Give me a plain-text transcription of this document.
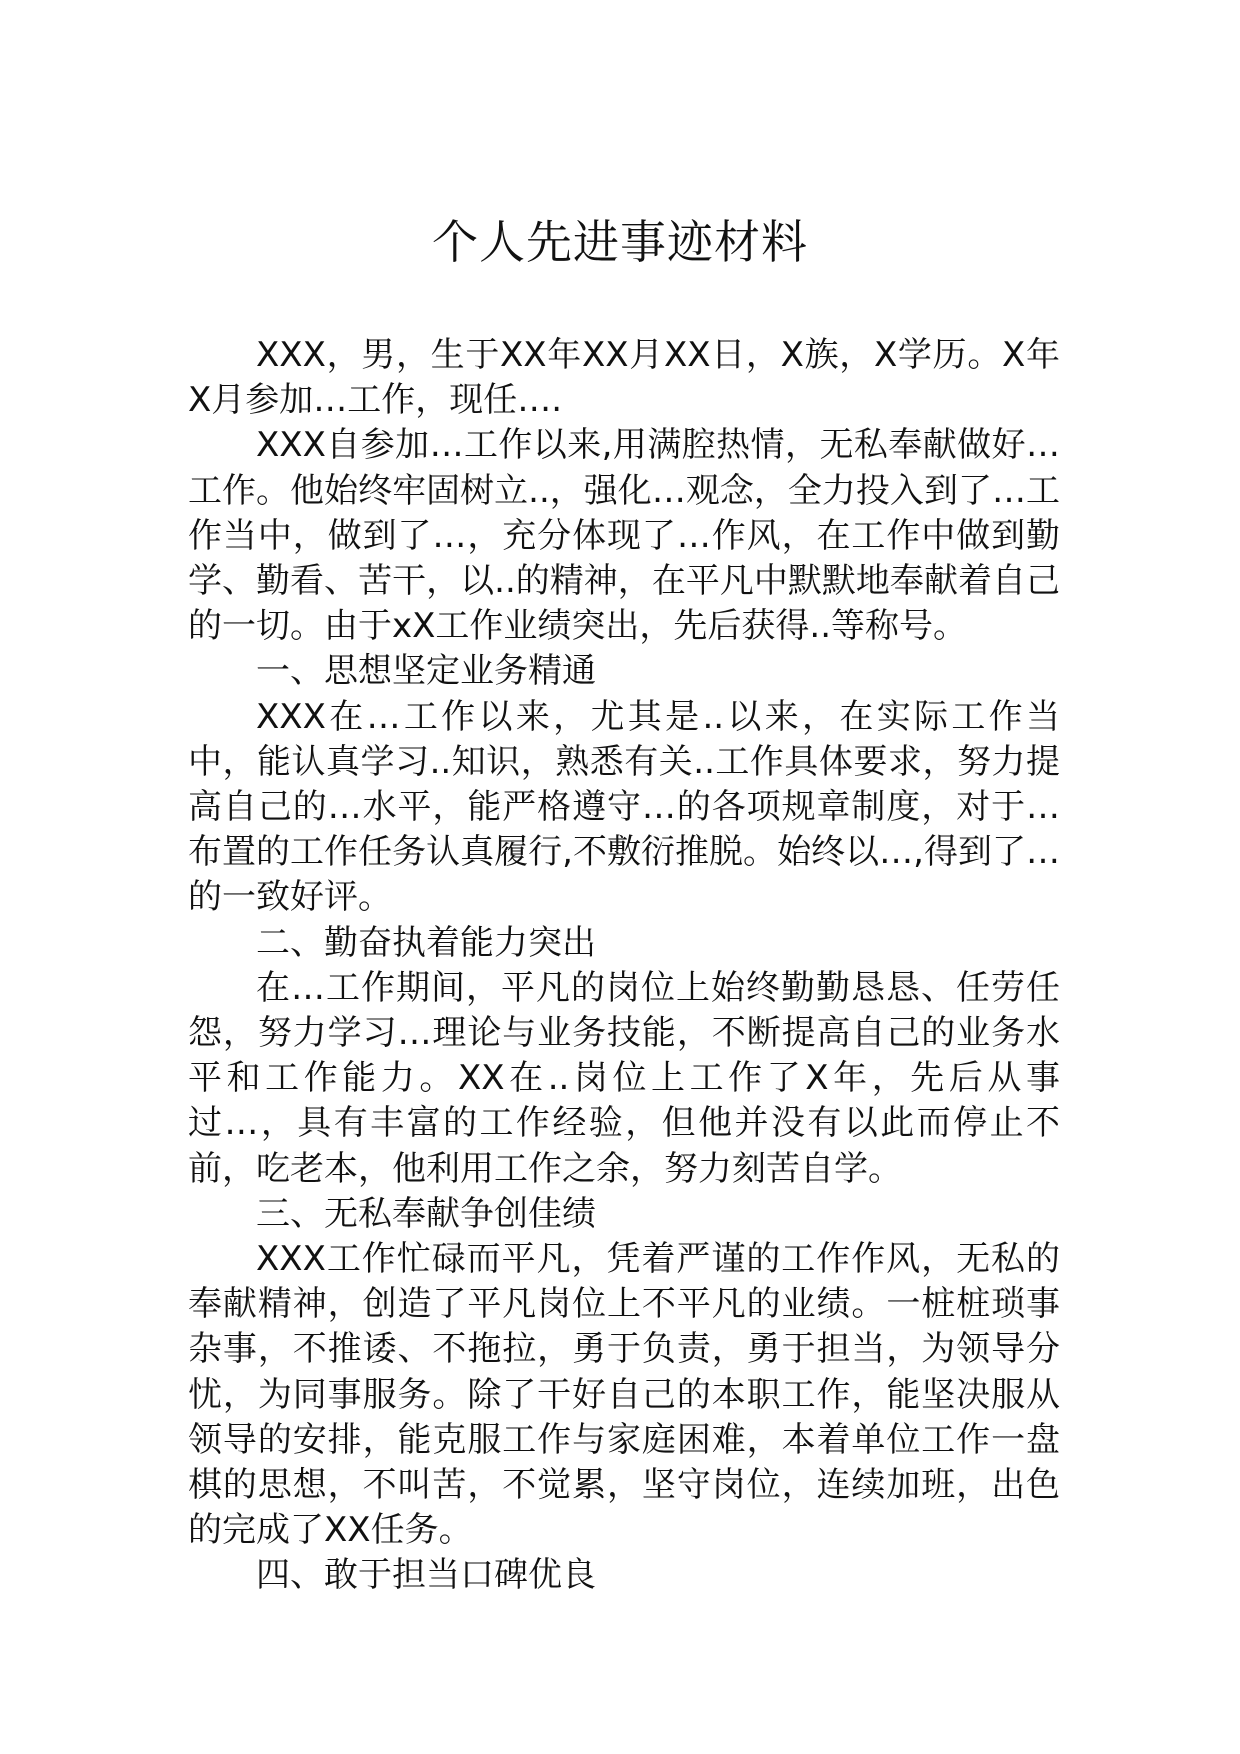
个人先进事迹材料

XXX，男，生于XX年XX月XX日，X族，X学历。X年X月参加…工作，现任….

XXX自参加…工作以来,用满腔热情，无私奉献做好…工作。他始终牢固树立..，强化…观念，全力投入到了…工作当中，做到了…，充分体现了…作风，在工作中做到勤学、勤看、苦干，以..的精神，在平凡中默默地奉献着自己的一切。由于xX工作业绩突出，先后获得..等称号。

一、思想坚定业务精通

XXX在…工作以来，尤其是..以来，在实际工作当中，能认真学习..知识，熟悉有关..工作具体要求，努力提高自己的…水平，能严格遵守…的各项规章制度，对于…布置的工作任务认真履行,不敷衍推脱。始终以…,得到了…的一致好评。

二、勤奋执着能力突出

在…工作期间，平凡的岗位上始终勤勤恳恳、任劳任怨，努力学习…理论与业务技能，不断提高自己的业务水平和工作能力。XX在..岗位上工作了X年，先后从事过…，具有丰富的工作经验，但他并没有以此而停止不前，吃老本，他利用工作之余，努力刻苦自学。

三、无私奉献争创佳绩

XXX工作忙碌而平凡，凭着严谨的工作作风，无私的奉献精神，创造了平凡岗位上不平凡的业绩。一桩桩琐事杂事，不推诿、不拖拉，勇于负责，勇于担当，为领导分忧，为同事服务。除了干好自己的本职工作，能坚决服从领导的安排，能克服工作与家庭困难，本着单位工作一盘棋的思想，不叫苦，不觉累，坚守岗位，连续加班，出色的完成了XX任务。

四、敢于担当口碑优良
